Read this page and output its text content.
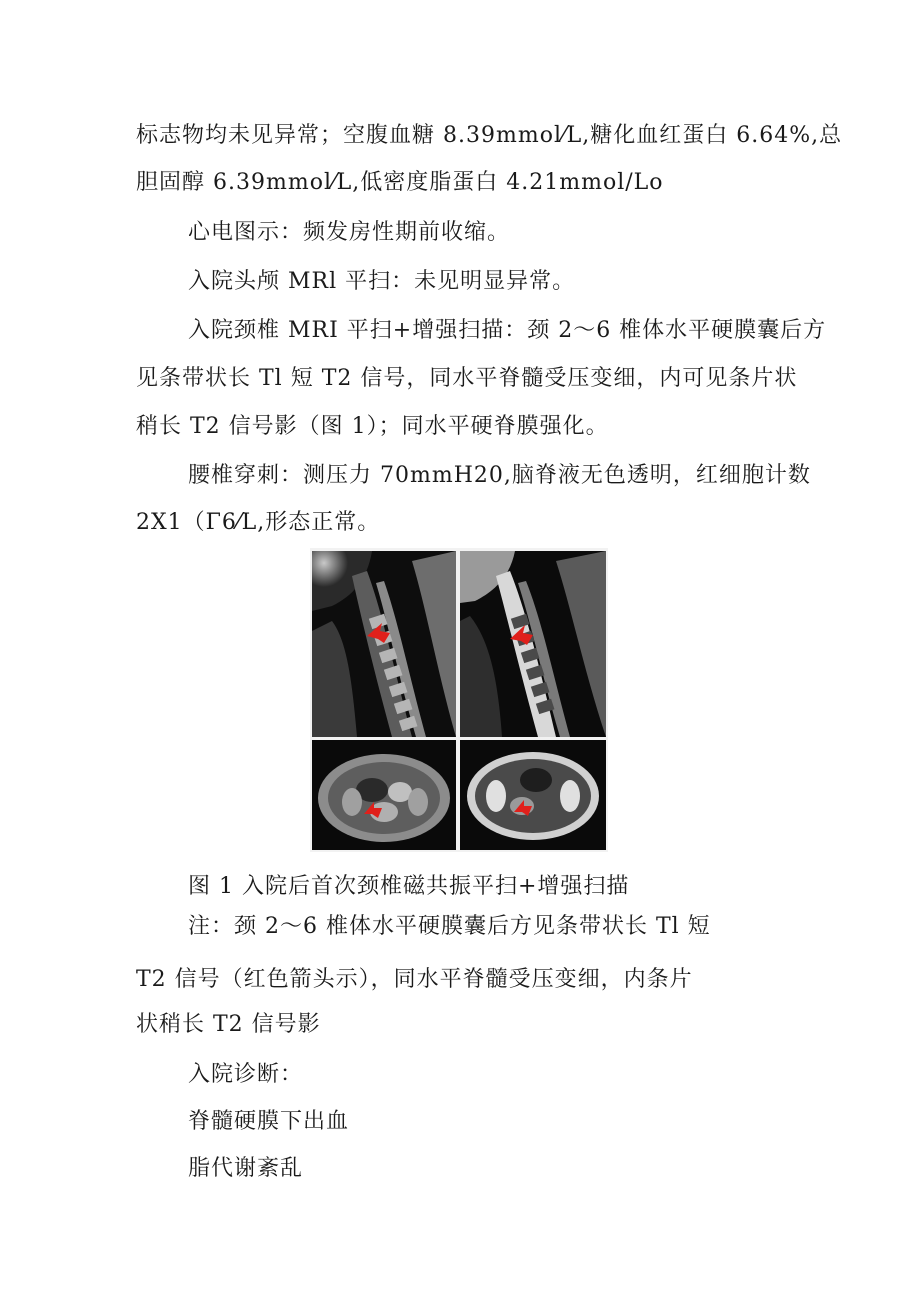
标志物均未见异常；空腹血糖 8.39mmol⁄L,糖化血红蛋白 6.64%,总

胆固醇 6.39mmol⁄L,低密度脂蛋白 4.21mmol/Lo

心电图示：频发房性期前收缩。

入院头颅 MRl 平扫：未见明显异常。

入院颈椎 MRI 平扫+增强扫描：颈 2～6 椎体水平硬膜囊后方

见条带状长 Tl 短 T2 信号，同水平脊髓受压变细，内可见条片状

稍长 T2 信号影（图 1）；同水平硬脊膜强化。

腰椎穿刺：测压力 70mmH20,脑脊液无色透明，红细胞计数

2X1（Γ6⁄L,形态正常。

图 1 入院后首次颈椎磁共振平扫+增强扫描

注：颈 2～6 椎体水平硬膜囊后方见条带状长 Tl 短

T2 信号（红色箭头示），同水平脊髓受压变细，内条片

状稍长 T2 信号影

入院诊断：

脊髓硬膜下出血

脂代谢紊乱
